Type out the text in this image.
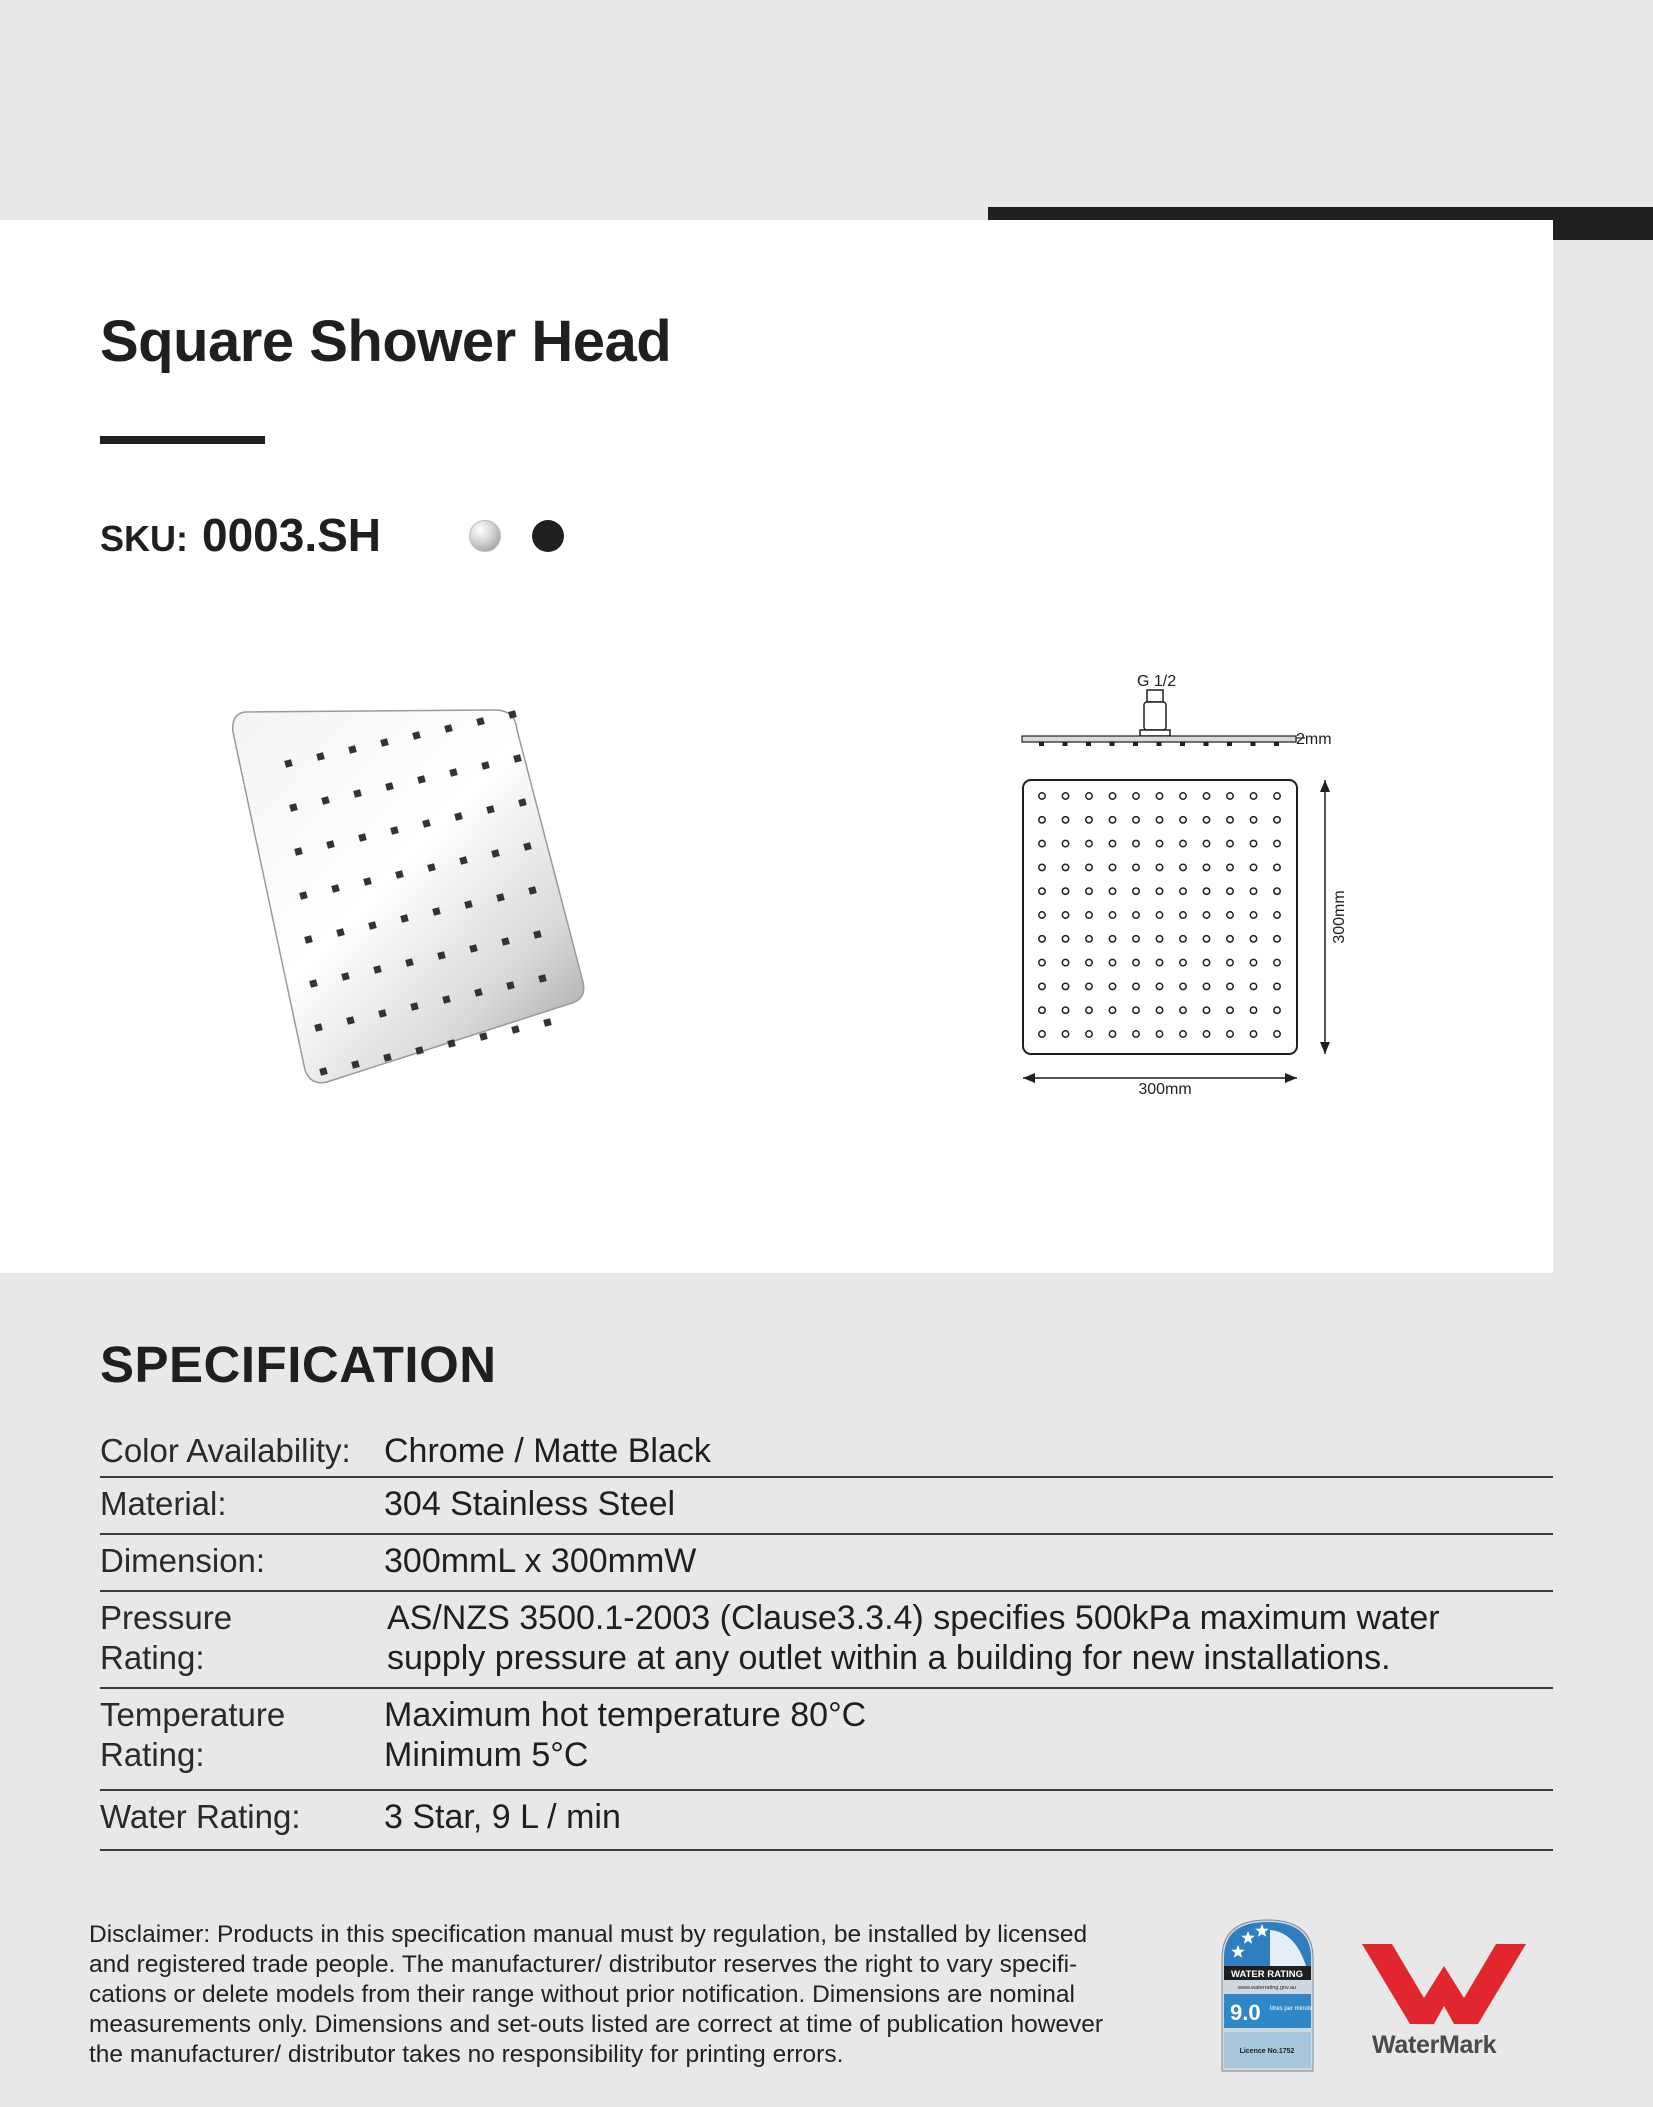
Square Shower Head
SKU: 0003.SH
G 1/2
2mm
300mm
300mm
SPECIFICATION
Color Availability: Chrome / Matte Black
Material:	304 Stainless Steel
Dimension:	300mmL x 300mmW
Pressure
Rating:
AS/NZS 3500.1-2003 (Clause3.3.4) specifies 500kPa maximum water
supply pressure at any outlet within a building for new installations.
Temperature
Rating:
Maximum hot temperature 80°C
Minimum 5°C
Water Rating:	3 Star, 9 L / min
Disclaimer: Products in this specification manual must by regulation, be installed by licensed
and registered trade people. The manufacturer/ distributor reserves the right to vary specifi-
cations or delete models from their range without prior notification. Dimensions are nominal
measurements only. Dimensions and set-outs listed are correct at time of publication however
the manufacturer/ distributor takes no responsibility for printing errors.
WATER RATING
www.waterrating.gov.au
9.0 litres per minute
Licence No.1752	WaterMark
